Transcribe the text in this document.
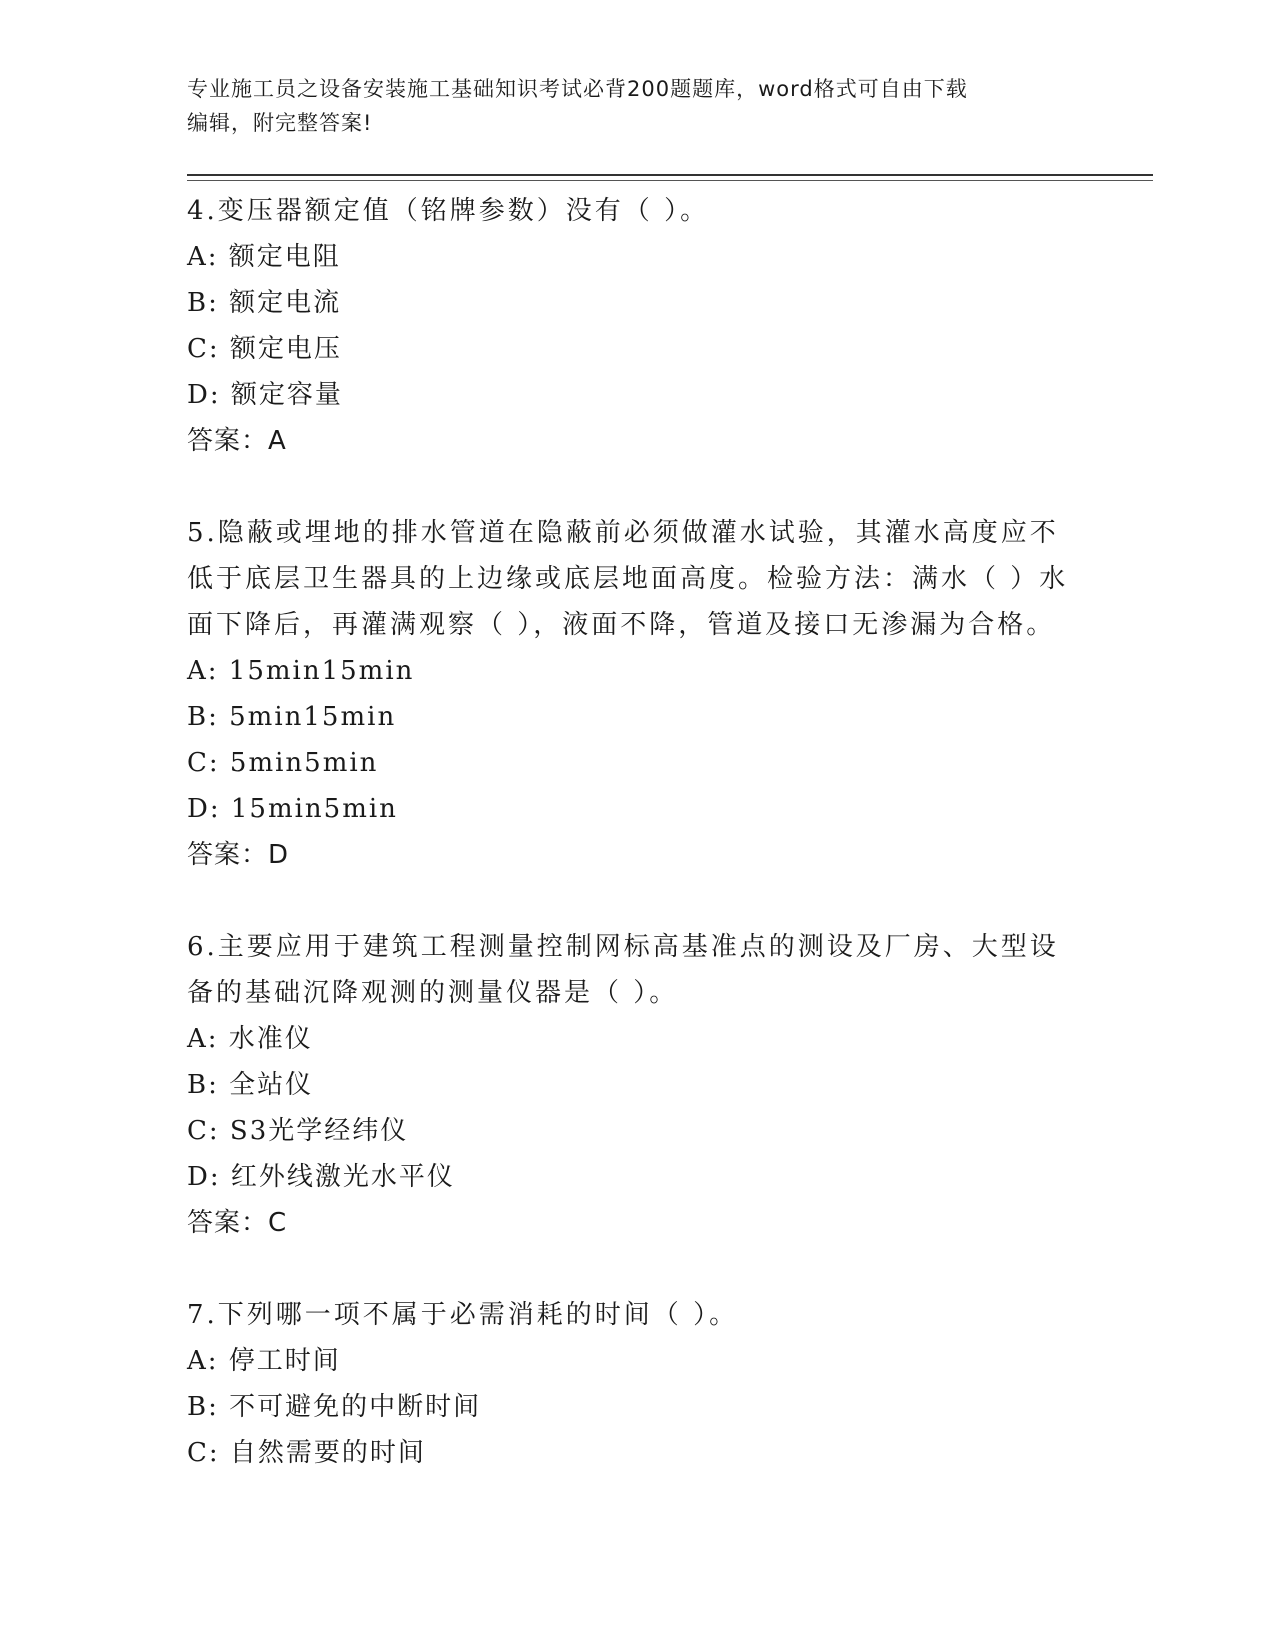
专业施工员之设备安装施工基础知识考试必背200题题库，word格式可自由下载
编辑，附完整答案!
4.变压器额定值（铭牌参数）没有（ ）。
A: 额定电阻
B: 额定电流
C: 额定电压
D: 额定容量
答案：A
5.隐蔽或埋地的排水管道在隐蔽前必须做灌水试验，其灌水高度应不
低于底层卫生器具的上边缘或底层地面高度。检验方法：满水（ ）水
面下降后，再灌满观察（ ），液面不降，管道及接口无渗漏为合格。
A: 15min15min
B: 5min15min
C: 5min5min
D: 15min5min
答案：D
6.主要应用于建筑工程测量控制网标高基准点的测设及厂房、大型设
备的基础沉降观测的测量仪器是（ ）。
A: 水准仪
B: 全站仪
C: S3光学经纬仪
D: 红外线激光水平仪
答案：C
7.下列哪一项不属于必需消耗的时间（ ）。
A: 停工时间
B: 不可避免的中断时间
C: 自然需要的时间
